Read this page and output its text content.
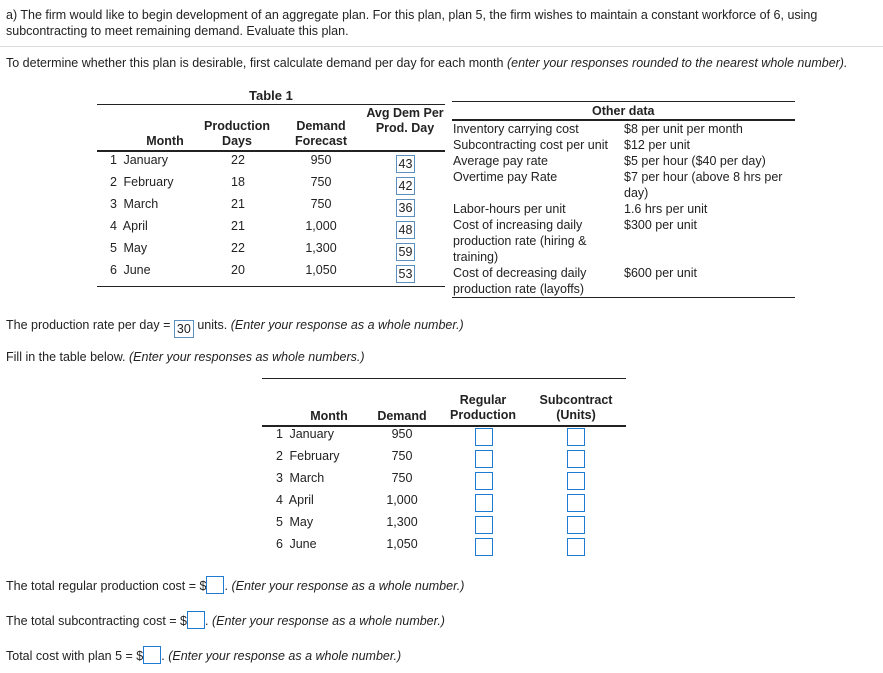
a) The firm would like to begin development of an aggregate plan. For this plan, plan 5, the firm wishes to maintain a constant workforce of 6, using
subcontracting to meet remaining demand. Evaluate this plan.
To determine whether this plan is desirable, first calculate demand per day for each month (enter your responses rounded to the nearest whole number).
Table 1
Month
Production
Days
Demand
Forecast
Avg Dem Per
Prod. Day
1 January	22	950	43
2 February	18	750	42
3 March	21	750	36
4 April	21	1,000	48
5 May	22	1,300	59
6 June	20	1,050	53
Other data
Inventory carrying cost	$8 per unit per month
Subcontracting cost per unit $12 per unit
Average pay rate	$5 per hour ($40 per day)
Overtime pay Rate	$7 per hour (above 8 hrs per
day)
Labor-hours per unit	1.6 hrs per unit
Cost of increasing daily	$300 per unit
production rate (hiring &
training)
Cost of decreasing daily	$600 per unit
production rate (layoffs)
The production rate per day = 30 units. (Enter your response as a whole number.)
Fill in the table below. (Enter your responses as whole numbers.)
Month	Demand
Regular
Production
Subcontract
(Units)
1 January	950
2 February	750
3 March	750
4 April	1,000
5 May	1,300
6 June	1,050
The total regular production cost = $ . (Enter your response as a whole number.)
The total subcontracting cost = $ . (Enter your response as a whole number.)
Total cost with plan 5 = $ . (Enter your response as a whole number.)
